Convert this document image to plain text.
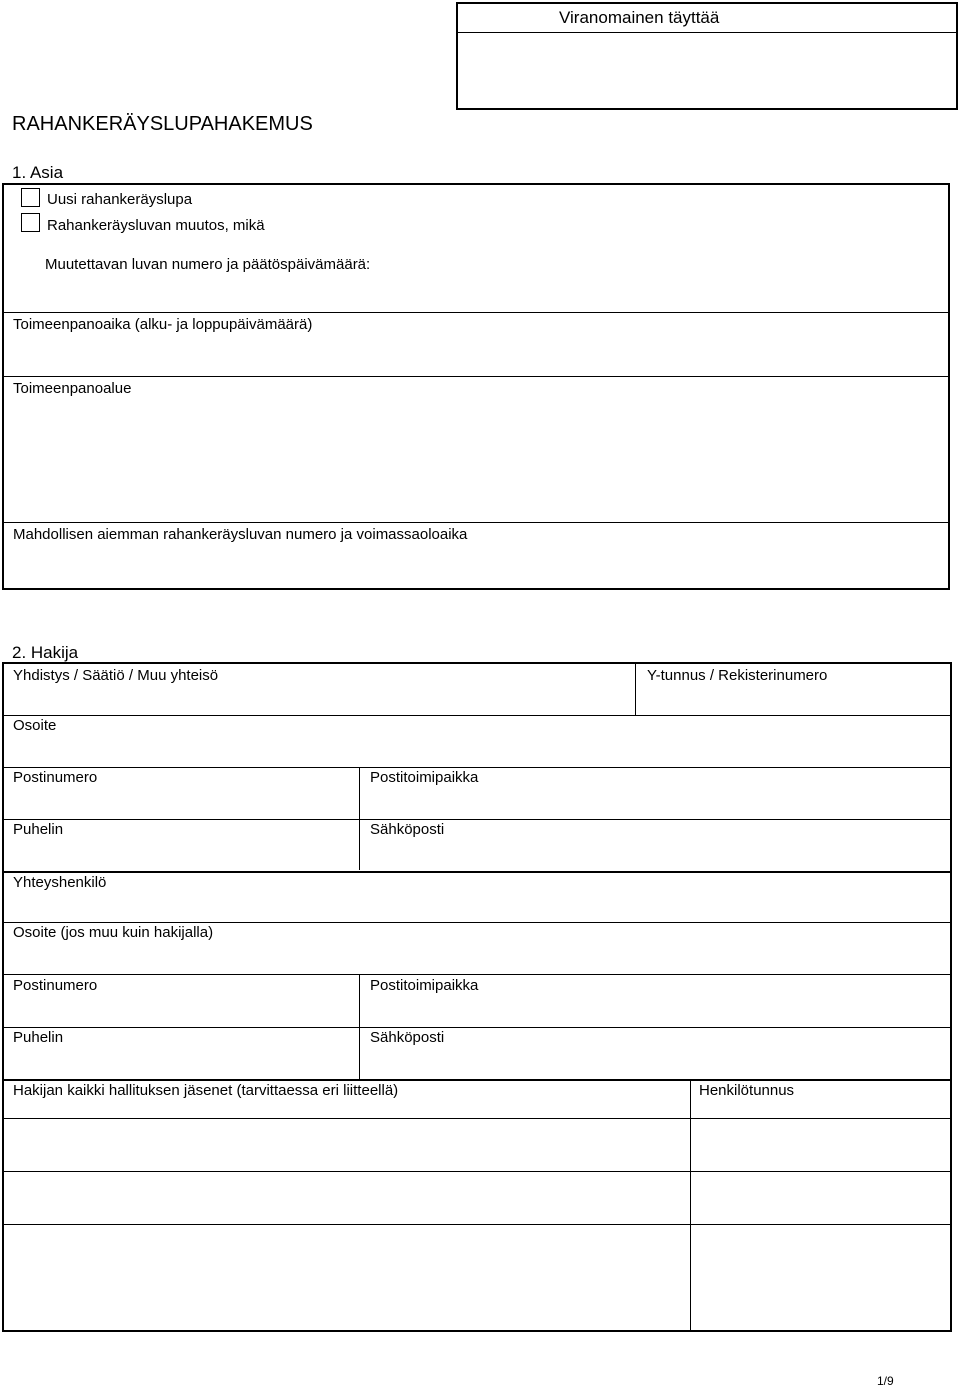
Viranomainen täyttää
RAHANKERÄYSLUPAHAKEMUS
1. Asia
Uusi rahankeräyslupa
Rahankeräysluvan muutos, mikä
Muutettavan luvan numero ja päätöspäivämäärä:
Toimeenpanoaika (alku- ja loppupäivämäärä)
Toimeenpanoalue
Mahdollisen aiemman rahankeräysluvan numero ja voimassaoloaika
2. Hakija
Yhdistys / Säätiö / Muu yhteisö	Y-tunnus / Rekisterinumero
Osoite
Postinumero	Postitoimipaikka
Puhelin	Sähköposti
Yhteyshenkilö
Osoite (jos muu kuin hakijalla)
Postinumero	Postitoimipaikka
Puhelin	Sähköposti
Hakijan kaikki hallituksen jäsenet (tarvittaessa eri liitteellä)	Henkilötunnus
1/9
